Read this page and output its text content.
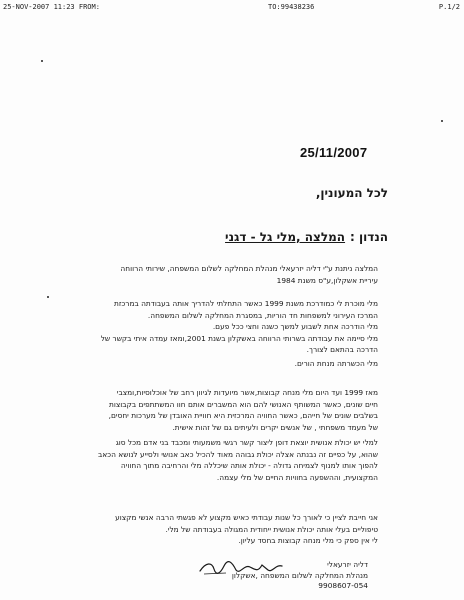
25-NOV-2007 11:23 FROM:	TO:99438236	P.1/2
25/11/2007
לכל המעונין,
הנדון :המלצה ,מלי גל - דגני
המלצה ניתנת ע"י דליה יזרעאלי מנהלת המחלקה לשלום המשפחה, שירותי הרווחה
עיריית אשקלון,ע"ס משנת 1984
מלי מוכרת לי כמודרכת משנת 1999 כאשר התחלתי להדריך אותה בעבודתה במרכזת
המרכז העירוני למשפחות חד הוריות, במסגרת המחלקה לשלום המשפחה.
מלי הודרכה אחת לשבוע למשך כשנה וחצי ככל פעם.
מלי סיימה את עבודתה בשרותי הרווחה באשקלון בשנת 2001,ומאז עמדה איתי בקשר של
הדרכה בהתאם לצורך.
מלי הכשרתה מנחת הורים.
מאז 1999 ועד היום מלי מנחה קבוצות,אשר מיועדות לגיוון רחב של אוכלוסיות,ומצבי
חיים שונים, כאשר המשותף האנושי להם הוא המשברים אותם חוו המשתתפים בקבוצות
בשלבים שונים של חייהם, כאשר החוויה המרכזית היא חוויית האובדן של מערכות יחסים,
של מעמד משפחתי , של אנשים יקרים ולעיתים גם של זהות אישית.
למלי יש יכולת אנושית יוצאת דופן ליצור קשר רגשי משמעותי ומכבד בני אדם מכל סוג
שהוא, על כפיים זה נבנתה אצלה יכולת גבוהה מאוד להכיל כאב אנושי ולסייע לנושא הכאב
להפוך אותו למנוף לצמיחה גדולה - יכולת אותה שיכללה מלי והרחיבה מתוך החוויה
המקצועית, וההשפעה בחוויות החיים של מלי עצמה.
אני חייבת לציין כי לאורך כל שנות עבודתי כאיש מקצוע לא פגשתי הרבה אנשי מקצוע
טיפוליים בעלי אותה יכולת אנושית ייחודית המגולה בעבודתה של מלי.
לי אין ספק כי מלי מנחה קבוצות בחסד עליון.
דליה יזרעאלי
מנהלת המחלקה לשלום המשפחה ,אשקלון
9908607-054
